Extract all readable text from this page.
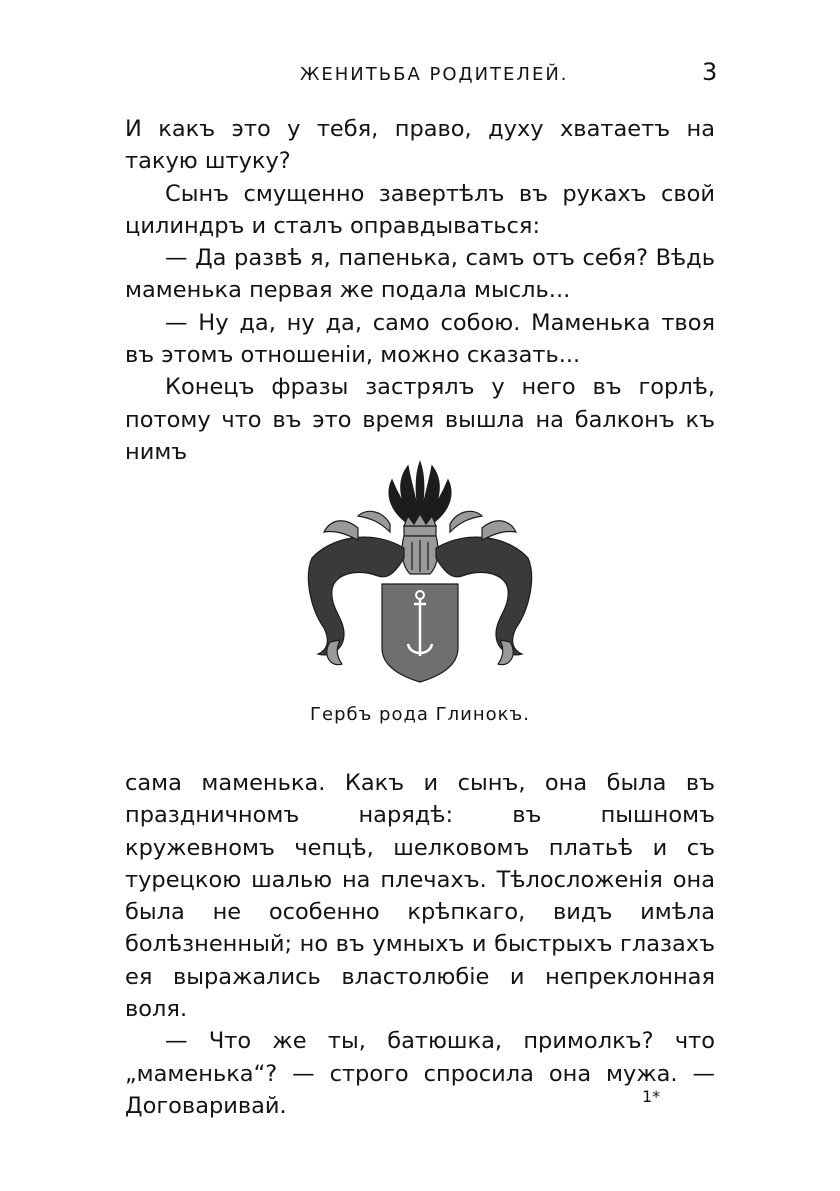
ЖЕНИТЬБА РОДИТЕЛЕЙ.	3

И какъ это у тебя, право, духу хватаетъ на такую штуку?

Сынъ смущенно завертѣлъ въ рукахъ свой цилиндръ и сталъ оправдываться:

— Да развѣ я, папенька, самъ отъ себя? Вѣдь маменька первая же подала мысль...

— Ну да, ну да, само собою. Маменька твоя въ этомъ отношенiи, можно сказать...

Конецъ фразы застрялъ у него въ горлѣ, потому что въ это время вышла на балконъ къ нимъ

Гербъ рода Глинокъ.

сама маменька. Какъ и сынъ, она была въ праздничномъ нарядѣ: въ пышномъ кружевномъ чепцѣ, шелковомъ платьѣ и съ турецкою шалью на плечахъ. Тѣлосложенiя она была не особенно крѣпкаго, видъ имѣла болѣзненный; но въ умныхъ и быстрыхъ глазахъ ея выражались властолюбiе и непреклонная воля.

— Что же ты, батюшка, примолкъ? что „маменька“? — строго спросила она мужа. — Договаривай.	1*
